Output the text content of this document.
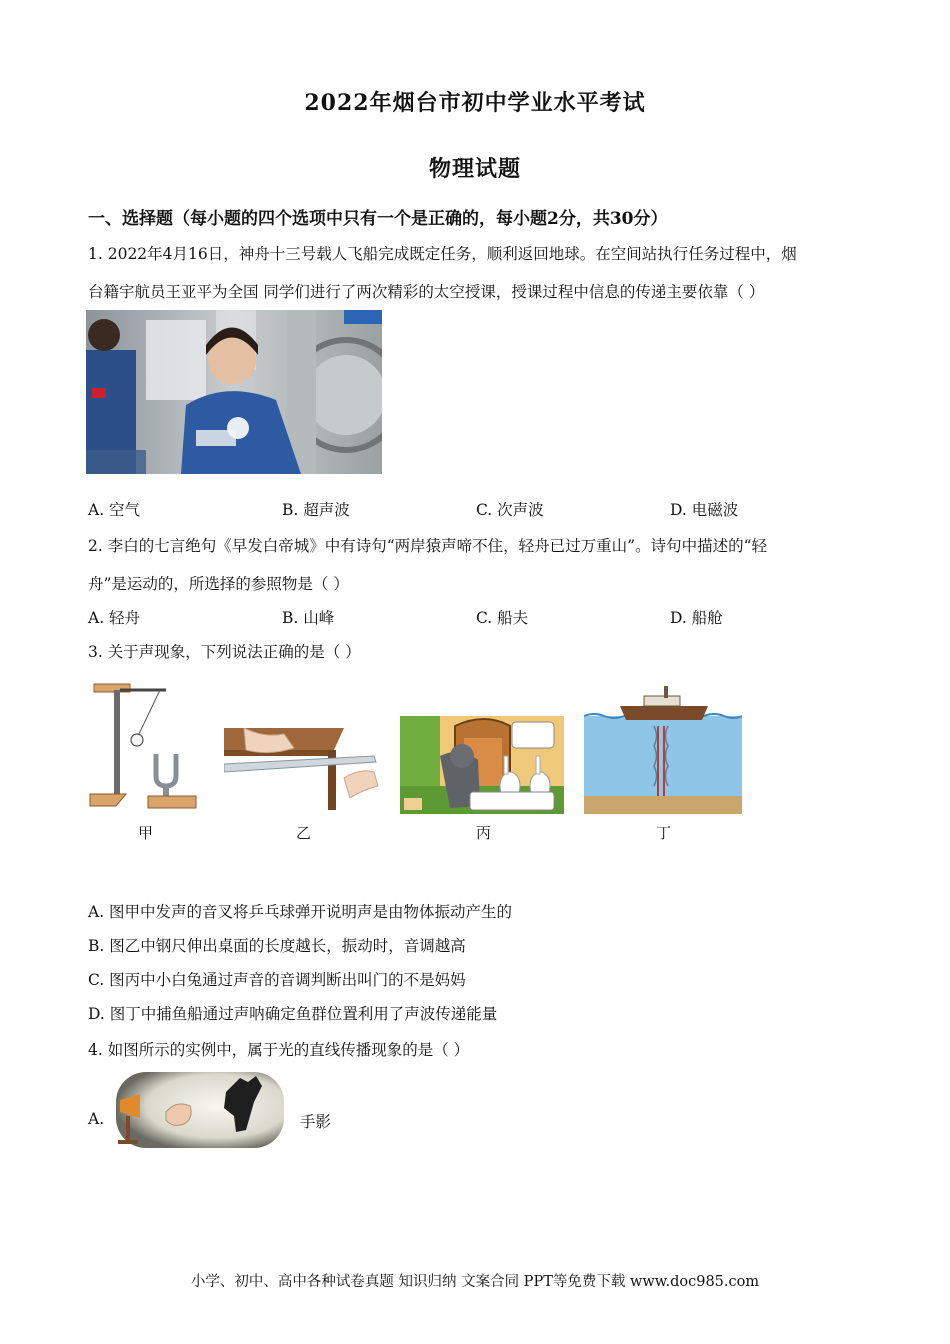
2022年烟台市初中学业水平考试
物理试题
一、选择题（每小题的四个选项中只有一个是正确的，每小题2分，共30分）
1. 2022年4月16日，神舟十三号载人飞船完成既定任务，顺利返回地球。在空间站执行任务过程中，烟
台籍宇航员王亚平为全国 同学们进行了两次精彩的太空授课，授课过程中信息的传递主要依靠（ ）
A. 空气	B. 超声波	C. 次声波	D. 电磁波
2. 李白的七言绝句《早发白帝城》中有诗句“两岸猿声啼不住，轻舟已过万重山”。诗句中描述的“轻
舟”是运动的，所选择的参照物是（ ）
A. 轻舟	B. 山峰	C. 船夫	D. 船舱
3. 关于声现象，下列说法正确的是（ ）
甲	乙	丙	丁
A. 图甲中发声的音叉将乒乓球弹开说明声是由物体振动产生的
B. 图乙中钢尺伸出桌面的长度越长，振动时，音调越高
C. 图丙中小白兔通过声音的音调判断出叫门的不是妈妈
D. 图丁中捕鱼船通过声呐确定鱼群位置利用了声波传递能量
4. 如图所示的实例中，属于光的直线传播现象的是（ ）
A.	手影
小学、初中、高中各种试卷真题 知识归纳 文案合同 PPT等免费下载 www.doc985.com
